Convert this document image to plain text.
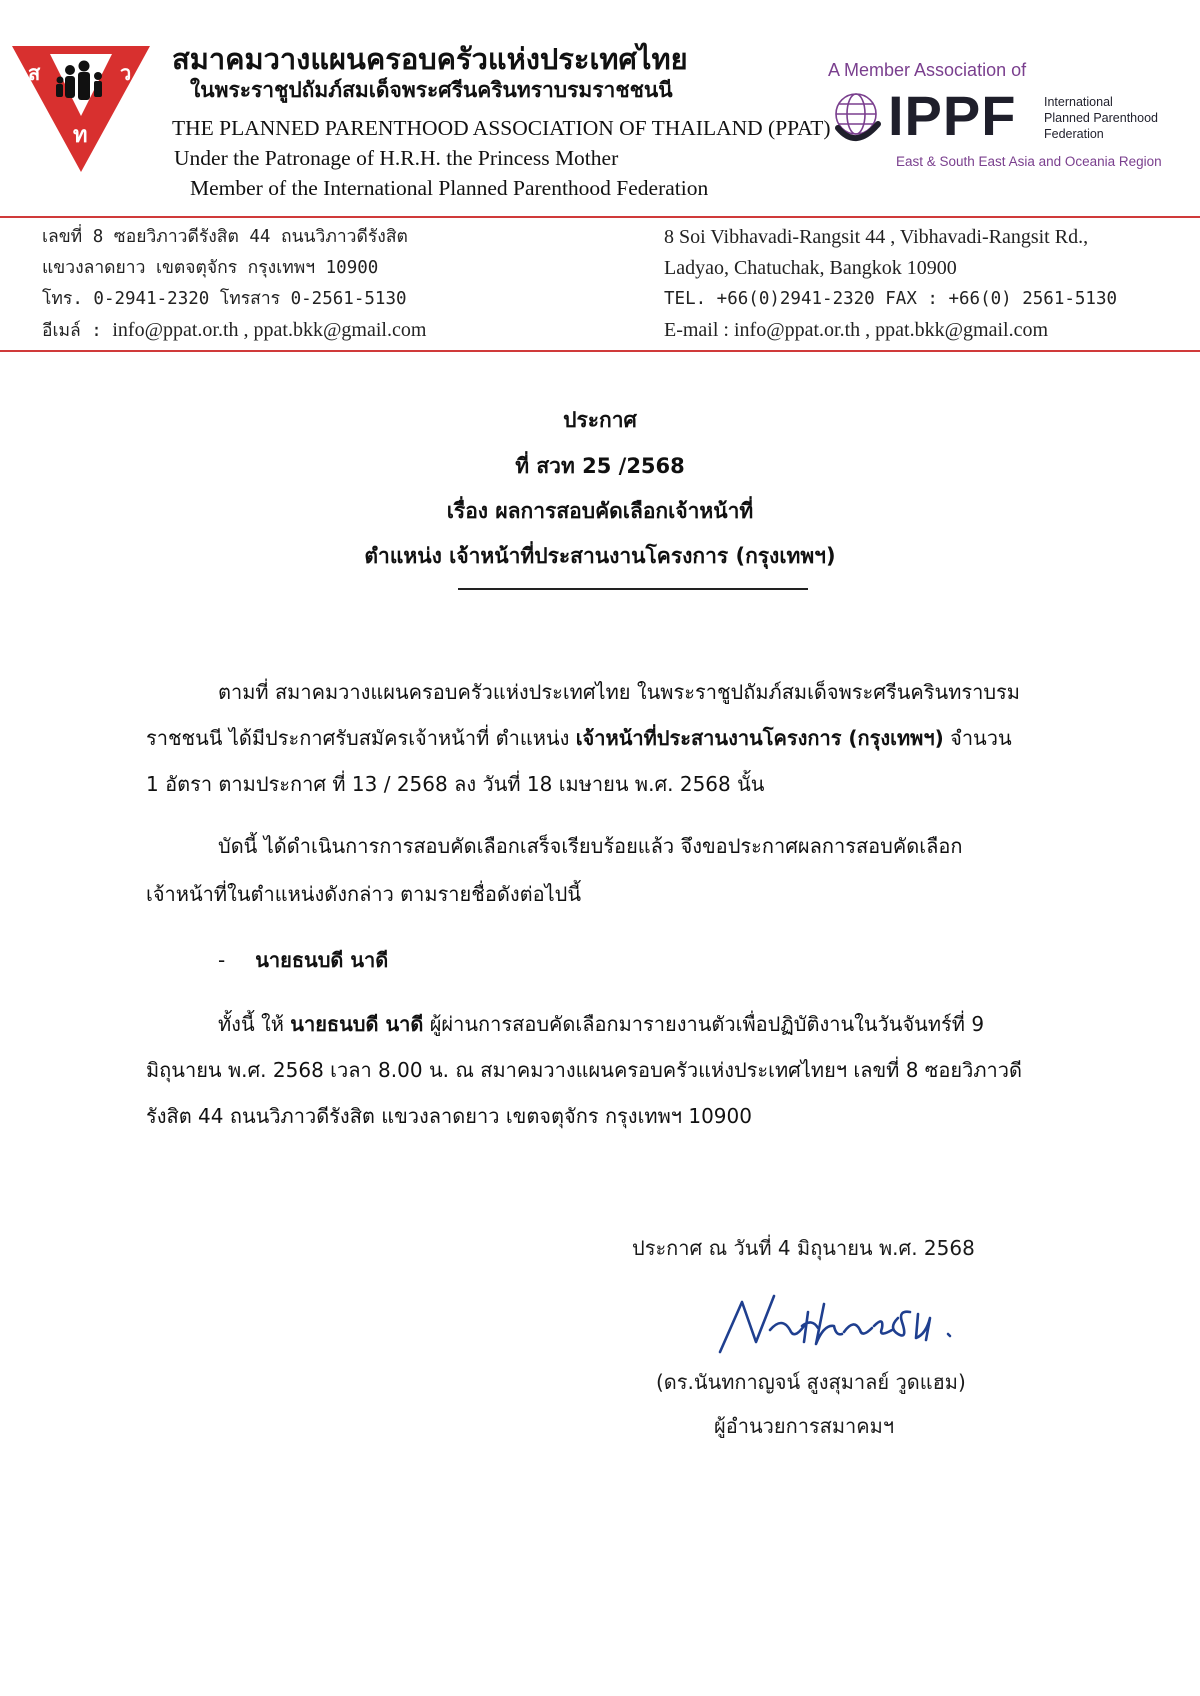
ส	ว
ท
สมาคมวางแผนครอบครัวแห่งประเทศไทย
ในพระราชูปถัมภ์สมเด็จพระศรีนครินทราบรมราชชนนี
THE PLANNED PARENTHOOD ASSOCIATION OF THAILAND (PPAT)
Under the Patronage of H.R.H. the Princess Mother
Member of the International Planned Parenthood Federation
A Member Association of
IPPF International
Planned Parenthood
Federation
East & South East Asia and Oceania Region
เลขที่ 8 ซอยวิภาวดีรังสิต 44 ถนนวิภาวดีรังสิต
แขวงลาดยาว เขตจตุจักร กรุงเทพฯ 10900
โทร. 0-2941-2320 โทรสาร 0-2561-5130
อีเมล์ : info@ppat.or.th , ppat.bkk@gmail.com
8 Soi Vibhavadi-Rangsit 44 , Vibhavadi-Rangsit Rd.,
Ladyao, Chatuchak, Bangkok 10900
TEL. +66(0)2941-2320 FAX : +66(0) 2561-5130
E-mail : info@ppat.or.th , ppat.bkk@gmail.com
ประกาศ
ที่ สวท 25 /2568
เรื่อง ผลการสอบคัดเลือกเจ้าหน้าที่
ตำแหน่ง เจ้าหน้าที่ประสานงานโครงการ (กรุงเทพฯ)
ตามที่ สมาคมวางแผนครอบครัวแห่งประเทศไทย ในพระราชูปถัมภ์สมเด็จพระศรีนครินทราบรม
ราชชนนี ได้มีประกาศรับสมัครเจ้าหน้าที่ ตำแหน่ง เจ้าหน้าที่ประสานงานโครงการ (กรุงเทพฯ) จำนวน
1 อัตรา ตามประกาศ ที่ 13 / 2568 ลง วันที่ 18 เมษายน พ.ศ. 2568 นั้น
บัดนี้ ได้ดำเนินการการสอบคัดเลือกเสร็จเรียบร้อยแล้ว จึงขอประกาศผลการสอบคัดเลือก
เจ้าหน้าที่ในตำแหน่งดังกล่าว ตามรายชื่อดังต่อไปนี้
- นายธนบดี นาดี
ทั้งนี้ ให้ นายธนบดี นาดี ผู้ผ่านการสอบคัดเลือกมารายงานตัวเพื่อปฏิบัติงานในวันจันทร์ที่ 9
มิถุนายน พ.ศ. 2568 เวลา 8.00 น. ณ สมาคมวางแผนครอบครัวแห่งประเทศไทยฯ เลขที่ 8 ซอยวิภาวดี
รังสิต 44 ถนนวิภาวดีรังสิต แขวงลาดยาว เขตจตุจักร กรุงเทพฯ 10900
ประกาศ ณ วันที่ 4 มิถุนายน พ.ศ. 2568
(ดร.นันทกาญจน์ สูงสุมาลย์ วูดแฮม)
ผู้อำนวยการสมาคมฯ
